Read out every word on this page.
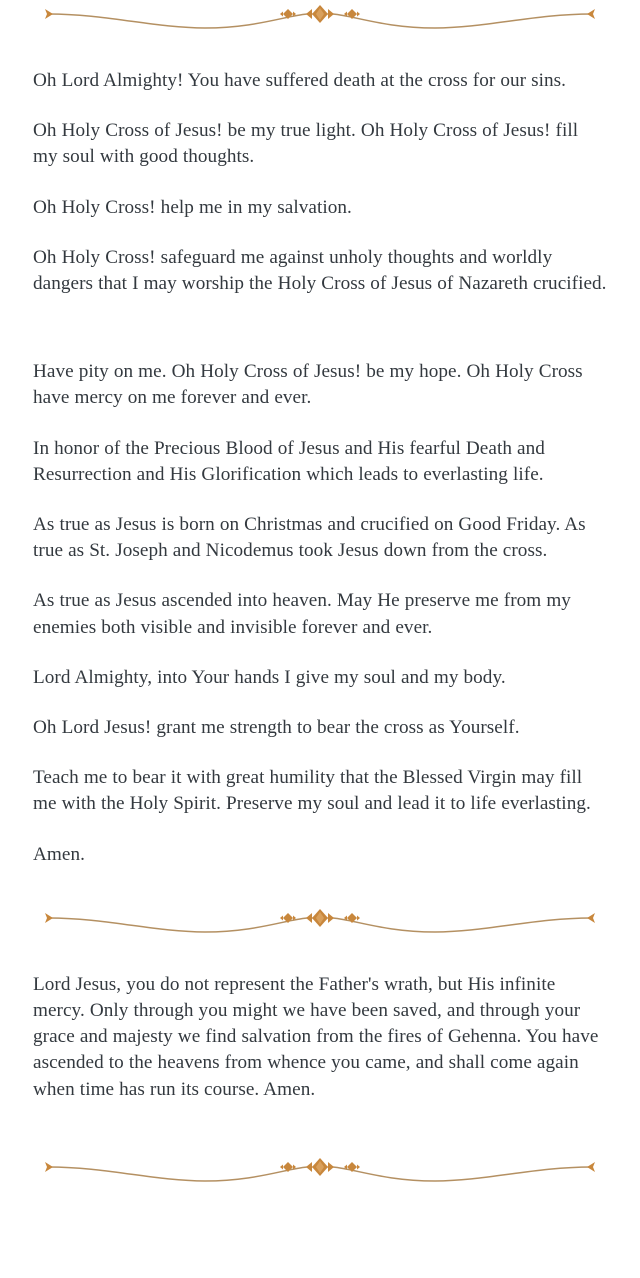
Oh Lord Almighty! You have suffered death at the cross for our sins.

Oh Holy Cross of Jesus! be my true light. Oh Holy Cross of Jesus! fill my soul with good thoughts.

Oh Holy Cross! help me in my salvation.

Oh Holy Cross! safeguard me against unholy thoughts and worldly dangers that I may worship the Holy Cross of Jesus of Nazareth crucified.

Have pity on me. Oh Holy Cross of Jesus! be my hope. Oh Holy Cross have mercy on me forever and ever.

In honor of the Precious Blood of Jesus and His fearful Death and Resurrection and His Glorification which leads to everlasting life.

As true as Jesus is born on Christmas and crucified on Good Friday. As true as St. Joseph and Nicodemus took Jesus down from the cross.

As true as Jesus ascended into heaven. May He preserve me from my enemies both visible and invisible forever and ever.

Lord Almighty, into Your hands I give my soul and my body.

Oh Lord Jesus! grant me strength to bear the cross as Yourself.

Teach me to bear it with great humility that the Blessed Virgin may fill me with the Holy Spirit. Preserve my soul and lead it to life everlasting.

Amen.

Lord Jesus, you do not represent the Father's wrath, but His infinite mercy. Only through you might we have been saved, and through your grace and majesty we find salvation from the fires of Gehenna. You have ascended to the heavens from whence you came, and shall come again when time has run its course. Amen.
